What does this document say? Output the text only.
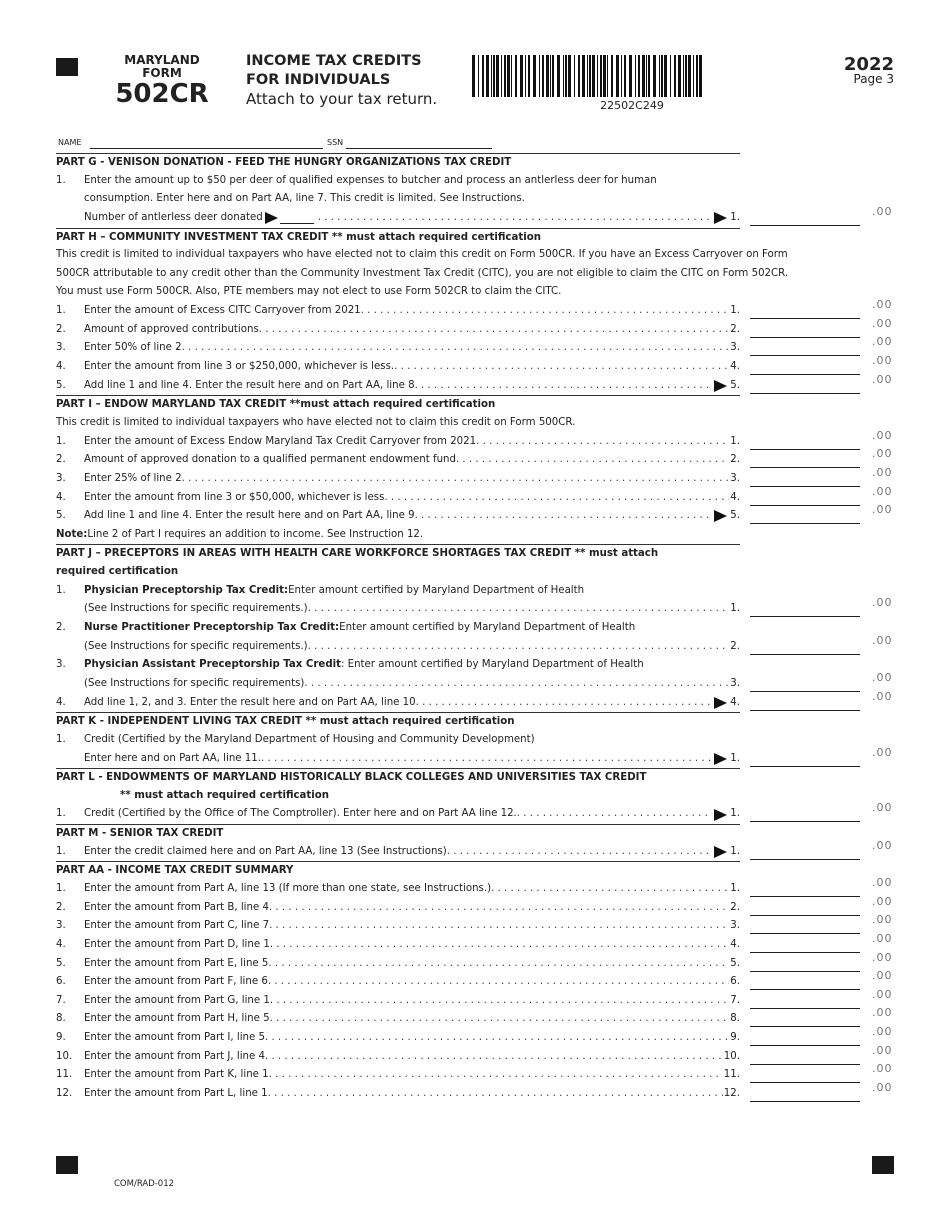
MARYLAND
FORM
502CR
INCOME TAX CREDITS
FOR INDIVIDUALS
Attach to your tax return.	22502C249
2022
Page 3
NAME	SSN
PART G - VENISON DONATION - FEED THE HUNGRY ORGANIZATIONS TAX CREDIT
1.	Enter the amount up to $50 per deer of qualified expenses to butcher and process an antlerless deer for human
consumption. Enter here and on Part AA, line 7. This credit is limited. See Instructions.
Number of antlerless deer donated . . .	1.	.00
PART H – COMMUNITY INVESTMENT TAX CREDIT ** must attach required certification
This credit is limited to individual taxpayers who have elected not to claim this credit on Form 500CR. If you have an Excess Carryover on Form
500CR attributable to any credit other than the Community Investment Tax Credit (CITC), you are not eligible to claim the CITC on Form 502CR.
You must use Form 500CR. Also, PTE members may not elect to use Form 502CR to claim the CITC.
1.	Enter the amount of Excess CITC Carryover from 2021 . . .	1.	.00
2.	Amount of approved contributions . . .	2.	.00
3.	Enter 50% of line 2 . . .	3.	.00
4.	Enter the amount from line 3 or $250,000, whichever is less. . . .	4.	.00
5.	Add line 1 and line 4. Enter the result here and on Part AA, line 8 . . .	5.	.00
PART I – ENDOW MARYLAND TAX CREDIT **must attach required certification
This credit is limited to individual taxpayers who have elected not to claim this credit on Form 500CR.
1.	Enter the amount of Excess Endow Maryland Tax Credit Carryover from 2021 . . .	1.	.00
2.	Amount of approved donation to a qualified permanent endowment fund . . .	2.	.00
3.	Enter 25% of line 2 . . .	3.	.00
4.	Enter the amount from line 3 or $50,000, whichever is less . . .	4.	.00
5.	Add line 1 and line 4. Enter the result here and on Part AA, line 9 . . .	5.	.00
Note: Line 2 of Part I requires an addition to income. See Instruction 12.
PART J – PRECEPTORS IN AREAS WITH HEALTH CARE WORKFORCE SHORTAGES TAX CREDIT ** must attach
required certification
1.	Physician Preceptorship Tax Credit: Enter amount certified by Maryland Department of Health
(See Instructions for specific requirements.) . . .	1.	.00
2.	Nurse Practitioner Preceptorship Tax Credit: Enter amount certified by Maryland Department of Health
(See Instructions for specific requirements.) . . .	2.	.00
3.	Physician Assistant Preceptorship Tax Credit : Enter amount certified by Maryland Department of Health
(See Instructions for specific requirements) . . .	3.	.00
4.	Add line 1, 2, and 3. Enter the result here and on Part AA, line 10 . . .	4.	.00
PART K - INDEPENDENT LIVING TAX CREDIT ** must attach required certification
1.	Credit (Certified by the Maryland Department of Housing and Community Development)
Enter here and on Part AA, line 11. . . .	1.	.00
PART L - ENDOWMENTS OF MARYLAND HISTORICALLY BLACK COLLEGES AND UNIVERSITIES TAX CREDIT
** must attach required certification
1.	Credit (Certified by the Office of The Comptroller). Enter here and on Part AA line 12. . . .	1.	.00
PART M - SENIOR TAX CREDIT
1.	Enter the credit claimed here and on Part AA, line 13 (See Instructions) . . .	1.	.00
PART AA - INCOME TAX CREDIT SUMMARY
1.	Enter the amount from Part A, line 13 (If more than one state, see Instructions.) . . .	1.	.00
2.	Enter the amount from Part B, line 4 . . .	2.	.00
3.	Enter the amount from Part C, line 7 . . .	3.	.00
4.	Enter the amount from Part D, line 1 . . .	4.	.00
5.	Enter the amount from Part E, line 5 . . .	5.	.00
6.	Enter the amount from Part F, line 6 . . .	6.	.00
7.	Enter the amount from Part G, line 1 . . .	7.	.00
8.	Enter the amount from Part H, line 5 . . .	8.	.00
9.	Enter the amount from Part I, line 5 . . .	9.	.00
10.	Enter the amount from Part J, line 4 . . .	10.	.00
11.	Enter the amount from Part K, line 1 . . .	11.	.00
12.	Enter the amount from Part L, line 1 . . .	12.	.00
COM/RAD-012
